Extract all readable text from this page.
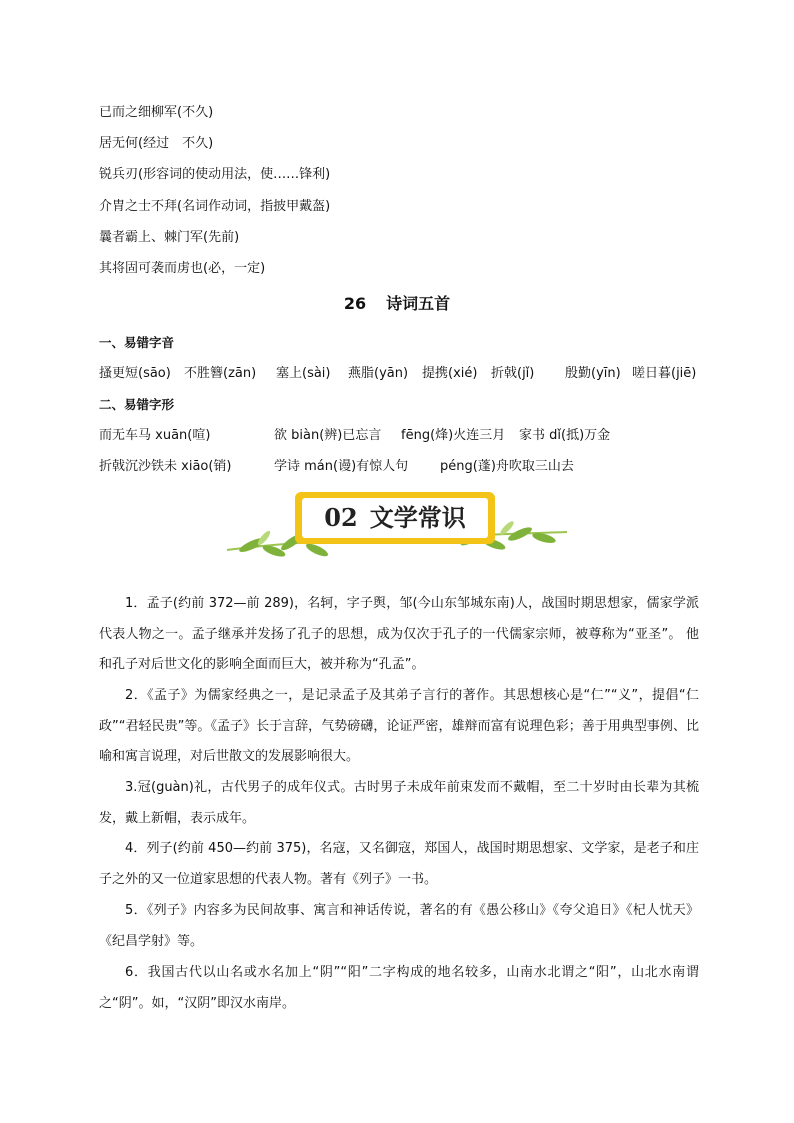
已而之细柳军(不久)
居无何(经过　不久)
锐兵刃(形容词的使动用法，使……锋利)
介胄之士不拜(名词作动词，指披甲戴盔)
曩者霸上、棘门军(先前)
其将固可袭而虏也(必，一定)
26 诗词五首
一、易错字音
搔更短(sāo) 不胜簪(zān) 塞上(sài) 燕脂(yān) 提携(xié) 折戟(jǐ) 殷勤(yīn) 嗟日暮(jiē)
二、易错字形
而无车马 xuān(喧)	欲 biàn(辨)已忘言 fēng(烽)火连三月 家书 dǐ(抵)万金
折戟沉沙铁未 xiāo(销)	学诗 mán(谩)有惊人句 péng(蓬)舟吹取三山去
02 文学常识
1．孟子(约前 372—前 289)，名轲，字子舆，邹(今山东邹城东南)人，战国时期思想家，儒家学派代表人物之一。孟子继承并发扬了孔子的思想，成为仅次于孔子的一代儒家宗师，被尊称为“亚圣”。 他和孔子对后世文化的影响全面而巨大，被并称为“孔孟”。
2．《孟子》为儒家经典之一，是记录孟子及其弟子言行的著作。其思想核心是“仁”“义”，提倡“仁政”“君轻民贵”等。《孟子》长于言辞，气势磅礴，论证严密，雄辩而富有说理色彩；善于用典型事例、比喻和寓言说理，对后世散文的发展影响很大。
3.冠(guàn)礼，古代男子的成年仪式。古时男子未成年前束发而不戴帽，至二十岁时由长辈为其梳发，戴上新帽，表示成年。
4．列子(约前 450—约前 375)，名寇，又名御寇，郑国人，战国时期思想家、文学家，是老子和庄子之外的又一位道家思想的代表人物。著有《列子》一书。
5．《列子》内容多为民间故事、寓言和神话传说，著名的有《愚公移山》《夸父追日》《杞人忧天》《纪昌学射》等。
6．我国古代以山名或水名加上“阴”“阳”二字构成的地名较多，山南水北谓之“阳”，山北水南谓之“阴”。如，“汉阴”即汉水南岸。
